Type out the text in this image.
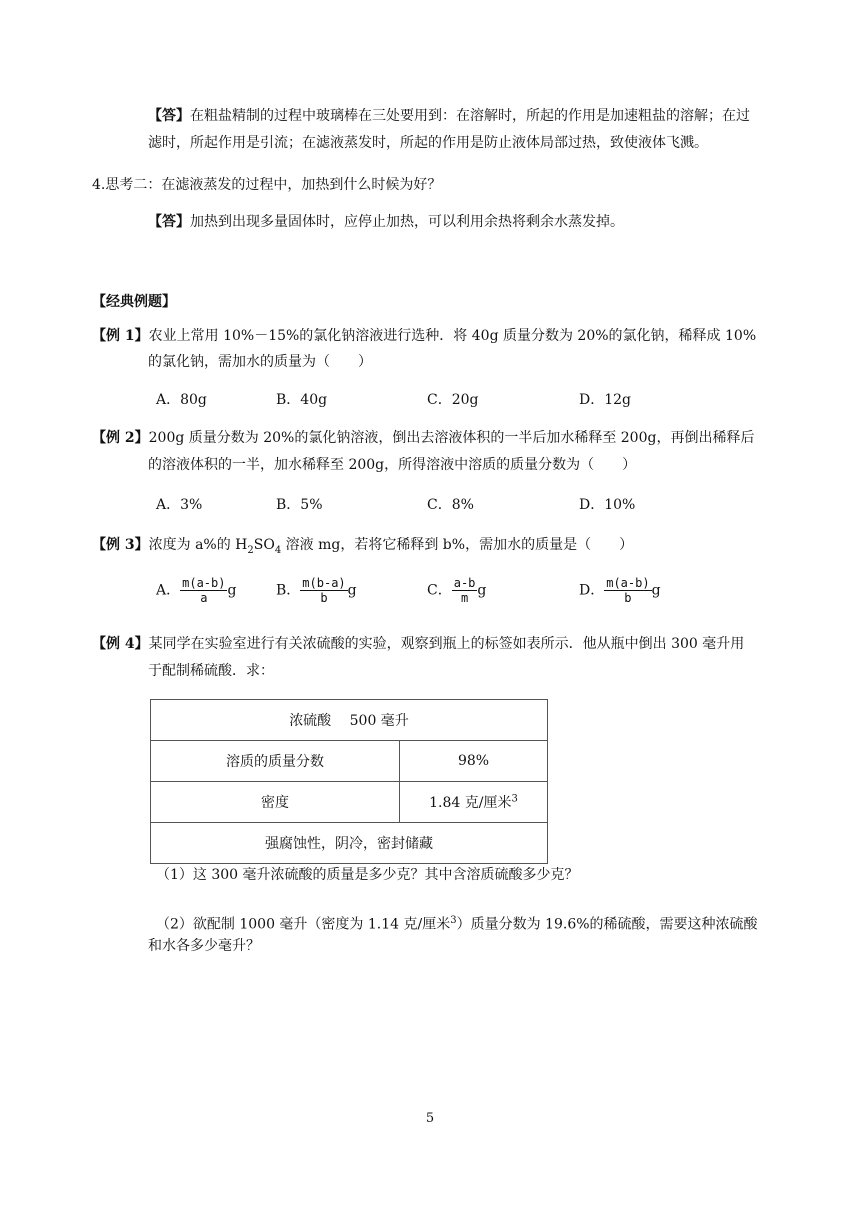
【答】在粗盐精制的过程中玻璃棒在三处要用到：在溶解时，所起的作用是加速粗盐的溶解；在过
滤时，所起作用是引流；在滤液蒸发时，所起的作用是防止液体局部过热，致使液体飞溅。
4.思考二：在滤液蒸发的过程中，加热到什么时候为好？
【答】加热到出现多量固体时，应停止加热，可以利用余热将剩余水蒸发掉。
【经典例题】
【例 1】农业上常用 10%－15%的氯化钠溶液进行选种．将 40g 质量分数为 20%的氯化钠，稀释成 10%
的氯化钠，需加水的质量为（　　）
A．80g	B．40g	C．20g	D．12g
【例 2】200g 质量分数为 20%的氯化钠溶液，倒出去溶液体积的一半后加水稀释至 200g，再倒出稀释后
的溶液体积的一半，加水稀释至 200g，所得溶液中溶质的质量分数为（　　）
A．3%	B．5%	C．8%	D．10%
【例 3】浓度为 a%的 $H_2SO_4$ 溶液 mg，若将它稀释到 b%，需加水的质量是（　　）
A． $\frac{m(a-b)}{a}$ g	B． $\frac{m(b-a)}{b}$ g	C． $\frac{a-b}{m}$ g	D． $\frac{m(a-b)}{b}$ g
【例 4】某同学在实验室进行有关浓硫酸的实验，观察到瓶上的标签如表所示．他从瓶中倒出 300 毫升用
于配制稀硫酸．求：
浓硫酸　 500 毫升	
溶质的质量分数	98%
密度	1.84 克/厘米$^3$
强腐蚀性，阴冷，密封储藏	
（1）这 300 毫升浓硫酸的质量是多少克？其中含溶质硫酸多少克？
（2）欲配制 1000 毫升（密度为 1.14 克/厘米$^3$）质量分数为 19.6%的稀硫酸，需要这种浓硫酸
和水各多少毫升？
5
